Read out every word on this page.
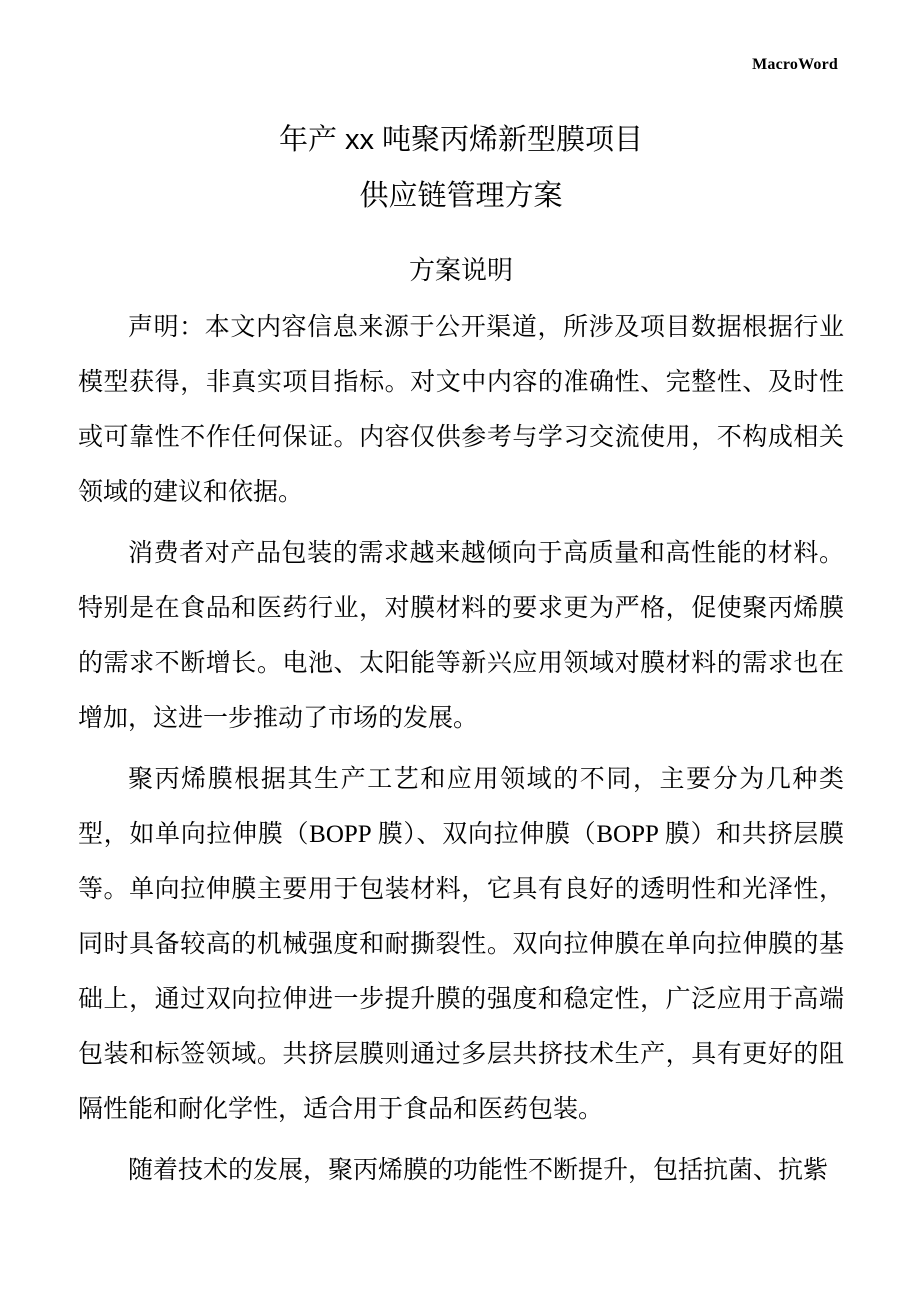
MacroWord
年产 xx 吨聚丙烯新型膜项目
供应链管理方案
方案说明

声明：本文内容信息来源于公开渠道，所涉及项目数据根据行业模型获得，非真实项目指标。对文中内容的准确性、完整性、及时性或可靠性不作任何保证。内容仅供参考与学习交流使用，不构成相关领域的建议和依据。

消费者对产品包装的需求越来越倾向于高质量和高性能的材料。特别是在食品和医药行业，对膜材料的要求更为严格，促使聚丙烯膜的需求不断增长。电池、太阳能等新兴应用领域对膜材料的需求也在增加，这进一步推动了市场的发展。

聚丙烯膜根据其生产工艺和应用领域的不同，主要分为几种类型，如单向拉伸膜（BOPP 膜）、双向拉伸膜（BOPP 膜）和共挤层膜等。单向拉伸膜主要用于包装材料，它具有良好的透明性和光泽性，同时具备较高的机械强度和耐撕裂性。双向拉伸膜在单向拉伸膜的基础上，通过双向拉伸进一步提升膜的强度和稳定性，广泛应用于高端包装和标签领域。共挤层膜则通过多层共挤技术生产，具有更好的阻隔性能和耐化学性，适合用于食品和医药包装。

随着技术的发展，聚丙烯膜的功能性不断提升，包括抗菌、抗紫
